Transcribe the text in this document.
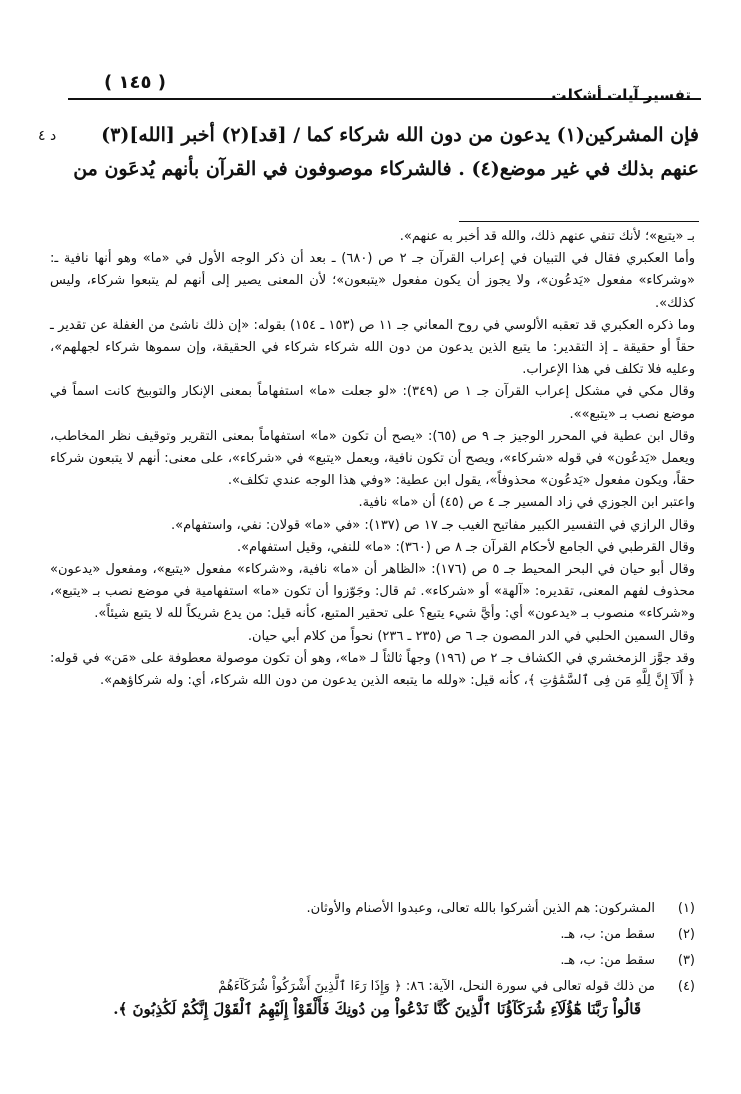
تفسير آيات أشكلت
( ١٤٥ )
د ٤	فإن المشركين(١) يدعون من دون الله شركاء كما / [قد](٢) أخبر [الله](٣)

عنهم بذلك في غير موضع(٤) . فالشركاء موصوفون في القرآن بأنهم يُدعَون من

بـ «يتبع»؛ لأنك تنفي عنهم ذلك، والله قد أخبر به عنهم».

وأما العكبري فقال في التبيان في إعراب القرآن جـ ٢ ص (٦٨٠) ـ بعد أن ذكر الوجه الأول في «ما» وهو أنها نافية ـ: «وشركاء» مفعول «يَدعُون»، ولا يجوز أن يكون مفعول «يتبعون»؛ لأن المعنى يصير إلى أنهم لم يتبعوا شركاء، وليس كذلك».

وما ذكره العكبري قد تعقبه الألوسي في روح المعاني جـ ١١ ص (١٥٣ ـ ١٥٤) بقوله: «إن ذلك ناشئ من الغفلة عن تقدير ـ حقاً أو حقيقة ـ إذ التقدير: ما يتبع الذين يدعون من دون الله شركاء شركاء في الحقيقة، وإن سموها شركاء لجهلهم»، وعليه فلا تكلف في هذا الإعراب.

وقال مكي في مشكل إعراب القرآن جـ ١ ص (٣٤٩): «لو جعلت «ما» استفهاماً بمعنى الإنكار والتوبيخ كانت اسماً في موضع نصب بـ «يتبع»».

وقال ابن عطية في المحرر الوجيز جـ ٩ ص (٦٥): «يصح أن تكون «ما» استفهاماً بمعنى التقرير وتوقيف نظر المخاطب، ويعمل «يَدعُون» في قوله «شركاء»، ويصح أن تكون نافية، ويعمل «يتبع» في «شركاء»، على معنى: أنهم لا يتبعون شركاء حقاً، ويكون مفعول «يَدعُون» محذوفاً»، يقول ابن عطية: «وفي هذا الوجه عندي تكلف».

واعتبر ابن الجوزي في زاد المسير جـ ٤ ص (٤٥) أن «ما» نافية.

وقال الرازي في التفسير الكبير مفاتيح الغيب جـ ١٧ ص (١٣٧): «في «ما» قولان: نفي، واستفهام».

وقال القرطبي في الجامع لأحكام القرآن جـ ٨ ص (٣٦٠): «ما» للنفي، وقيل استفهام».

وقال أبو حيان في البحر المحيط جـ ٥ ص (١٧٦): «الظاهر أن «ما» نافية، و«شركاء» مفعول «يتبع»، ومفعول «يدعون» محذوف لفهم المعنى، تقديره: «آلهة» أو «شركاء». ثم قال: وجَوّزوا أن تكون «ما» استفهامية في موضع نصب بـ «يتبع»، و«شركاء» منصوب بـ «يدعون» أي: وأيَّ شيء يتبع؟ على تحقير المتبع، كأنه قيل: من يدع شريكاً لله لا يتبع شيئاً».

وقال السمين الحلبي في الدر المصون جـ ٦ ص (٢٣٥ ـ ٢٣٦) نحواً من كلام أبي حيان.

وقد جوَّز الزمخشري في الكشاف جـ ٢ ص (١٩٦) وجهاً ثالثاً لـ «ما»، وهو أن تكون موصولة معطوفة على «مَن» في قوله: ﴿ أَلَآ إِنَّ لِلَّهِ مَن فِى ٱلسَّمَٰوَٰتِ ﴾، كأنه قيل: «ولله ما يتبعه الذين يدعون من دون الله شركاء، أي: وله شركاؤهم».

(١)
المشركون: هم الذين أشركوا بالله تعالى، وعبدوا الأصنام والأوثان.
(٢)
سقط من: ب، هـ.
(٣)
سقط من: ب، هـ.
(٤)
من ذلك قوله تعالى في سورة النحل، الآية: ٨٦: ﴿ وَإِذَا رَءَا ٱلَّذِينَ أَشْرَكُواْ شُرَكَآءَهُمْ
قَالُواْ رَبَّنَا هَٰٓؤُلَآءِ شُرَكَآؤُنَا ٱلَّذِينَ كُنَّا نَدْعُواْ مِن دُونِكَ فَأَلْقَوْاْ إِلَيْهِمُ ٱلْقَوْلَ إِنَّكُمْ لَكَٰذِبُونَ ﴾.
